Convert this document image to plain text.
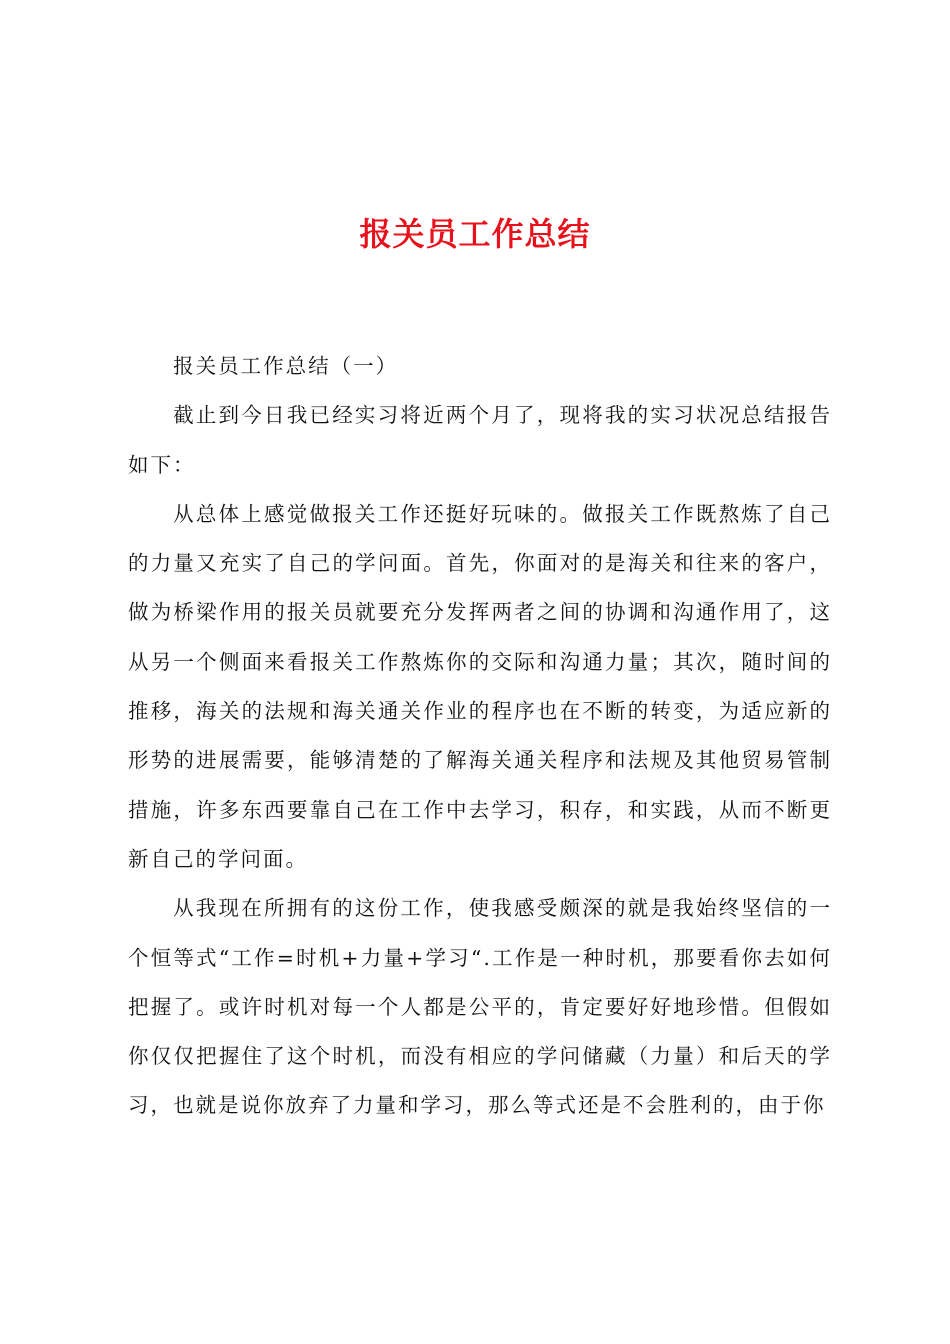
报关员工作总结

报关员工作总结（一）

截止到今日我已经实习将近两个月了，现将我的实习状况总结报告如下：

从总体上感觉做报关工作还挺好玩味的。做报关工作既熬炼了自己的力量又充实了自己的学问面。首先，你面对的是海关和往来的客户，做为桥梁作用的报关员就要充分发挥两者之间的协调和沟通作用了，这从另一个侧面来看报关工作熬炼你的交际和沟通力量；其次，随时间的推移，海关的法规和海关通关作业的程序也在不断的转变，为适应新的形势的进展需要，能够清楚的了解海关通关程序和法规及其他贸易管制措施，许多东西要靠自己在工作中去学习，积存，和实践，从而不断更新自己的学问面。

从我现在所拥有的这份工作，使我感受颇深的就是我始终坚信的一个恒等式“工作=时机+力量+学习“.工作是一种时机，那要看你去如何把握了。或许时机对每一个人都是公平的，肯定要好好地珍惜。但假如你仅仅把握住了这个时机，而没有相应的学问储藏（力量）和后天的学习，也就是说你放弃了力量和学习，那么等式还是不会胜利的，由于你
